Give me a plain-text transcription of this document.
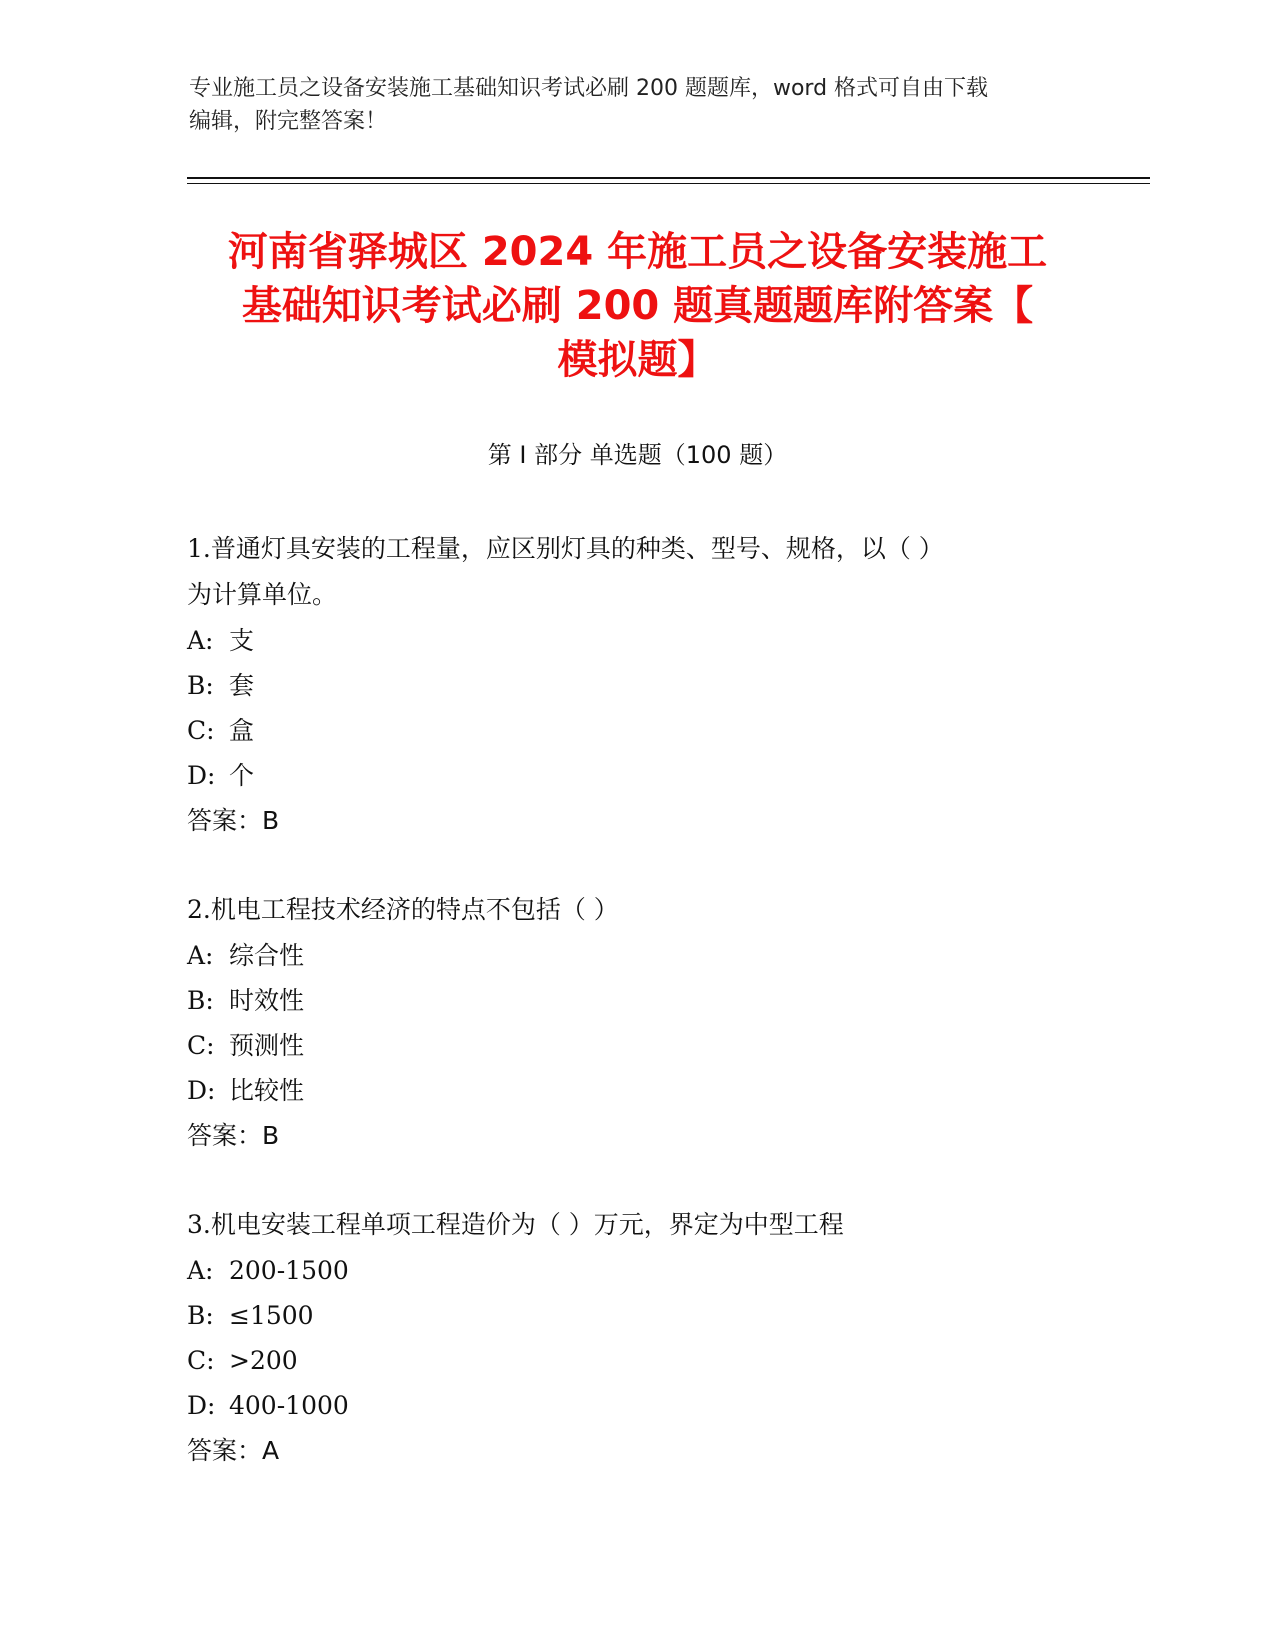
专业施工员之设备安装施工基础知识考试必刷 200 题题库，word 格式可自由下载
编辑，附完整答案！
河南省驿城区 2024 年施工员之设备安装施工
基础知识考试必刷 200 题真题题库附答案【
模拟题】
第 I 部分 单选题（100 题）
1.普通灯具安装的工程量，应区别灯具的种类、型号、规格，以（ ）
为计算单位。
A: 支
B: 套
C: 盒
D: 个
答案：B
2.机电工程技术经济的特点不包括（ ）
A: 综合性
B: 时效性
C: 预测性
D: 比较性
答案：B
3.机电安装工程单项工程造价为（ ）万元，界定为中型工程
A: 200-1500
B: ≤1500
C: >200
D: 400-1000
答案：A
